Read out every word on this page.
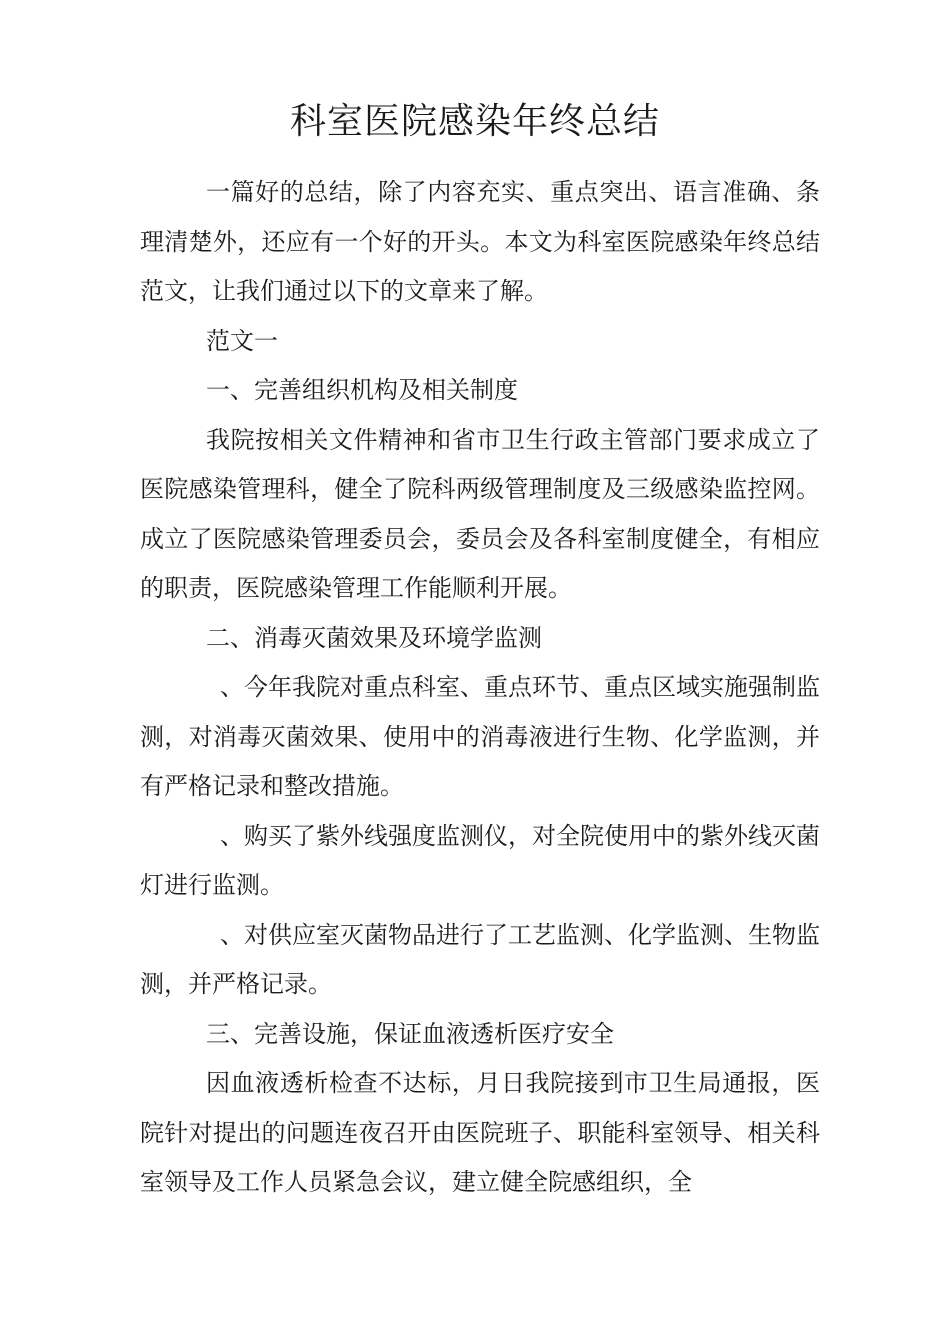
科室医院感染年终总结

一篇好的总结，除了内容充实、重点突出、语言准确、条理清楚外，还应有一个好的开头。本文为科室医院感染年终总结范文，让我们通过以下的文章来了解。

范文一

一、完善组织机构及相关制度

我院按相关文件精神和省市卫生行政主管部门要求成立了医院感染管理科，健全了院科两级管理制度及三级感染监控网。成立了医院感染管理委员会，委员会及各科室制度健全，有相应的职责，医院感染管理工作能顺利开展。

二、消毒灭菌效果及环境学监测

、今年我院对重点科室、重点环节、重点区域实施强制监测，对消毒灭菌效果、使用中的消毒液进行生物、化学监测，并有严格记录和整改措施。

、购买了紫外线强度监测仪，对全院使用中的紫外线灭菌灯进行监测。

、对供应室灭菌物品进行了工艺监测、化学监测、生物监测，并严格记录。

三、完善设施，保证血液透析医疗安全

因血液透析检查不达标，月日我院接到市卫生局通报，医院针对提出的问题连夜召开由医院班子、职能科室领导、相关科室领导及工作人员紧急会议，建立健全院感组织，全
